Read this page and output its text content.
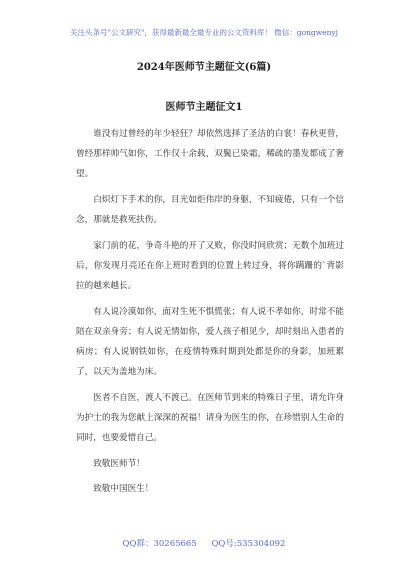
关注头条号"公文研究"，获得最新最全最专业的公文资料库！ 微信：gongwenyj
2024年医师节主题征文(6篇)
医师节主题征文1

谁没有过曾经的年少轻狂？却依然选择了圣洁的白裳！春秋更替，曾经那样帅气如你，工作仅十余载，双鬓已染霜，稀疏的墨发都成了奢望。

白炽灯下手术的你，目光如炬伟岸的身躯，不知疲倦，只有一个信念，那就是救死扶伤。

家门前的花，争奇斗艳的开了又败，你没时间欣赏；无数个加班过后，你发现月亮还在你上班时看到的位置上转过身，将你蹒跚的`背影拉的越来越长。

有人说冷漠如你，面对生死不惧慌张；有人说不孝如你，时常不能陪在双亲身旁；有人说无情如你，爱人孩子相见少，却时刻出入患者的病房；有人说钢铁如你，在疫情特殊时期到处都是你的身影，加班累了，以天为盖地为床。

医者不自医，渡人不渡己。在医师节到来的特殊日子里，请允许身为护士的我为您献上深深的祝福！请身为医生的你，在珍惜别人生命的同时，也要爱惜自己。

致敬医师节！

致敬中国医生！

QQ群：30265665 QQ号:535304092
